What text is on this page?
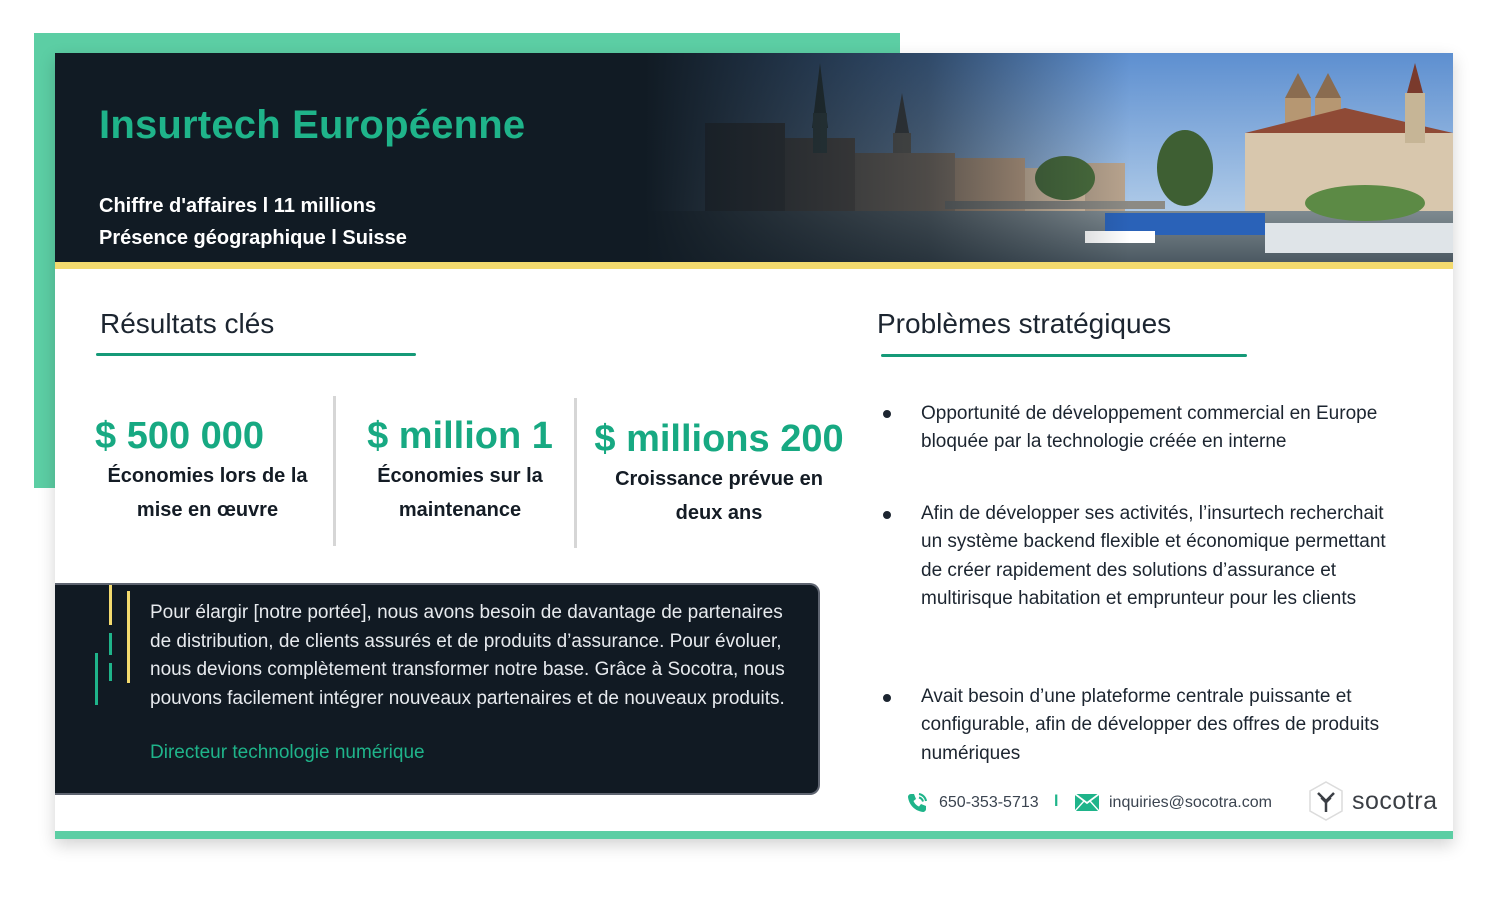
Insurtech Européenne
Chiffre d'affaires l 11 millions
Présence géographique l Suisse
Résultats clés
$ 500 000
Économies lors de la
mise en œuvre
$ million 1
Économies sur la
maintenance
$ millions 200
Croissance prévue en
deux ans
Pour élargir [notre portée], nous avons besoin de davantage de partenaires de distribution, de clients assurés et de produits d’assurance. Pour évoluer, nous devions complètement transformer notre base. Grâce à Socotra, nous pouvons facilement intégrer nouveaux partenaires et de nouveaux produits.
Directeur technologie numérique
Problèmes stratégiques
Opportunité de développement commercial en Europe bloquée par la technologie créée en interne
Afin de développer ses activités, l’insurtech recherchait un système backend flexible et économique permettant de créer rapidement des solutions d’assurance et multirisque habitation et emprunteur pour les clients
Avait besoin d’une plateforme centrale puissante et configurable, afin de développer des offres de produits numériques
650-353-5713 l	inquiries@socotra.com	socotra
